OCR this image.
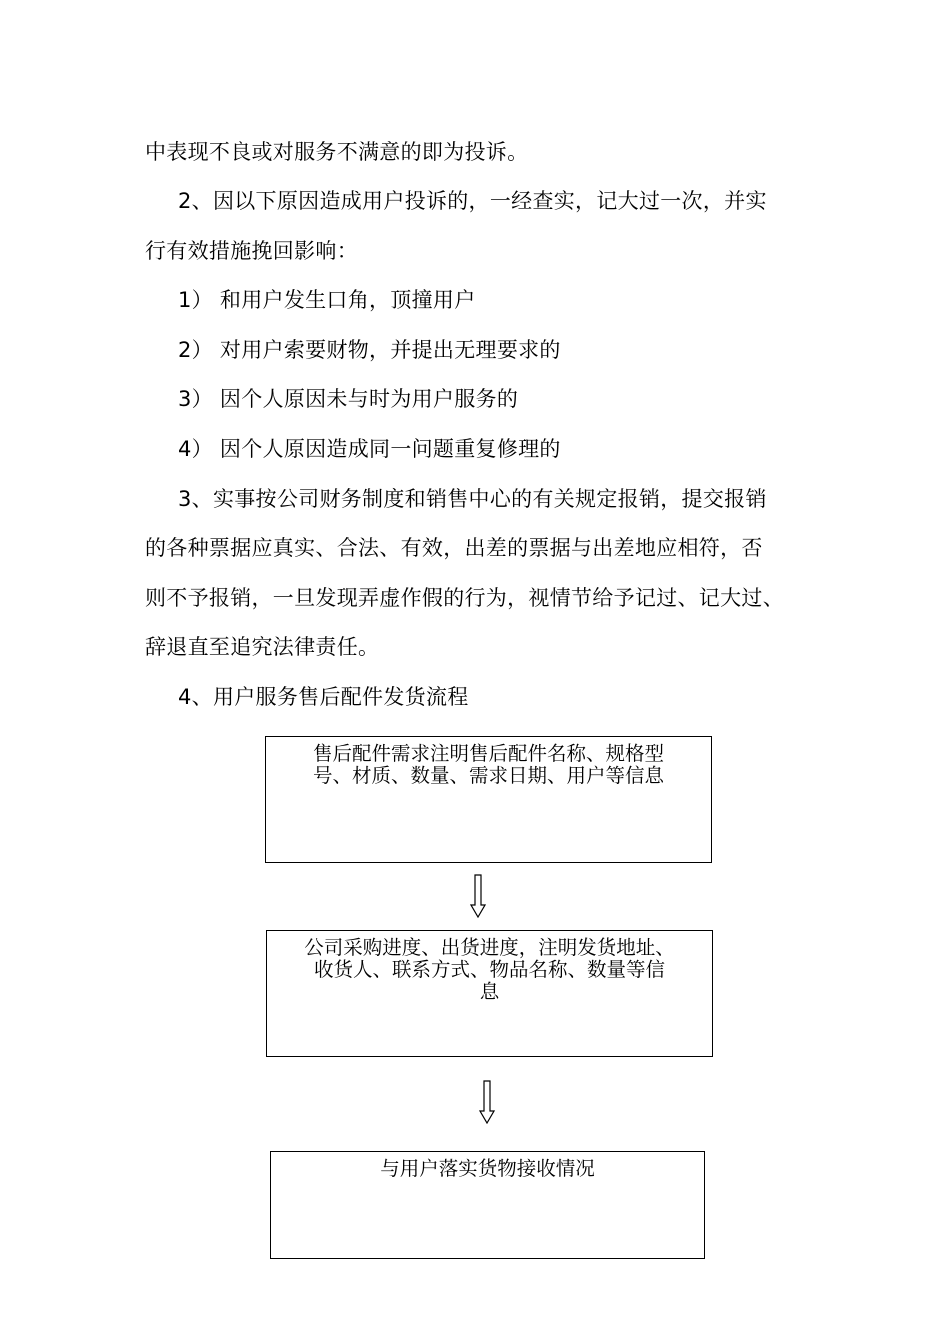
中表现不良或对服务不满意的即为投诉。
2、因以下原因造成用户投诉的，一经查实，记大过一次，并实
行有效措施挽回影响：
1） 和用户发生口角，顶撞用户
2） 对用户索要财物，并提出无理要求的
3） 因个人原因未与时为用户服务的
4） 因个人原因造成同一问题重复修理的
3、实事按公司财务制度和销售中心的有关规定报销，提交报销
的各种票据应真实、合法、有效，出差的票据与出差地应相符，否
则不予报销，一旦发现弄虚作假的行为，视情节给予记过、记大过、
辞退直至追究法律责任。
4、用户服务售后配件发货流程

售后配件需求注明售后配件名称、规格型
号、材质、数量、需求日期、用户等信息

公司采购进度、出货进度，注明发货地址、
收货人、联系方式、物品名称、数量等信
息

与用户落实货物接收情况
